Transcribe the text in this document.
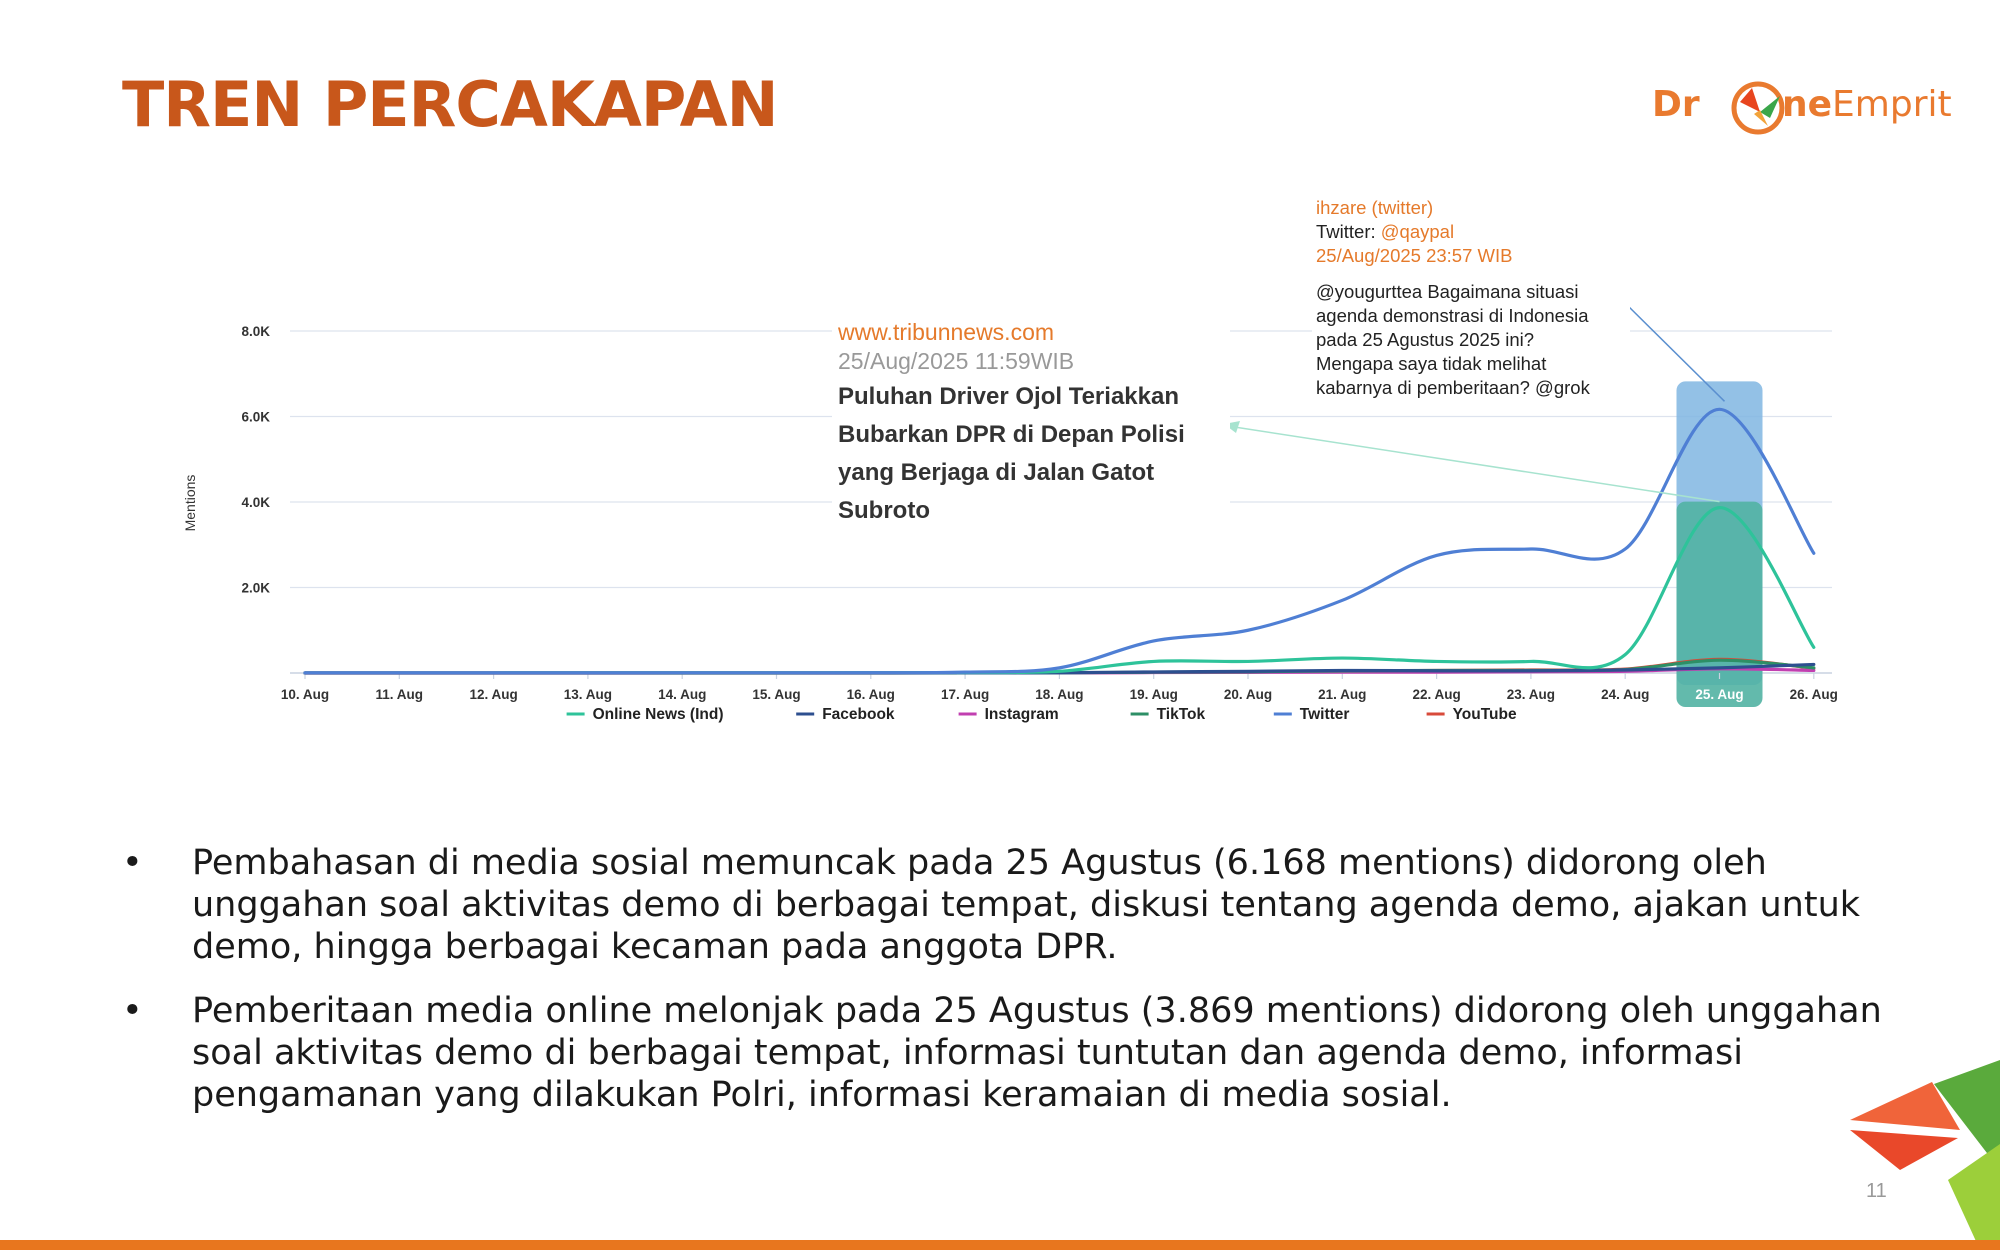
TREN PERCAKAPAN	Dr neEmprit
2.0K
4.0K
6.0K
8.0K
Mentions
10. Aug	11. Aug	12. Aug	13. Aug	14. Aug	15. Aug	16. Aug	17. Aug	18. Aug	19. Aug	20. Aug	21. Aug	22. Aug	23. Aug	24. Aug	25. Aug	26. Aug
Online News (Ind)	Facebook	Instagram	TikTok	Twitter	YouTube
www.tribunnews.com
25/Aug/2025 11:59WIB
Puluhan Driver Ojol Teriakkan
Bubarkan DPR di Depan Polisi
yang Berjaga di Jalan Gatot
Subroto
ihzare (twitter)
Twitter: @qaypal
25/Aug/2025 23:57 WIB
@yougurttea Bagaimana situasi
agenda demonstrasi di Indonesia
pada 25 Agustus 2025 ini?
Mengapa saya tidak melihat
kabarnya di pemberitaan? @grok
• Pembahasan di media sosial memuncak pada 25 Agustus (6.168 mentions) didorong oleh unggahan soal aktivitas demo di berbagai tempat, diskusi tentang agenda demo, ajakan untuk demo, hingga berbagai kecaman pada anggota DPR.
• Pemberitaan media online melonjak pada 25 Agustus (3.869 mentions) didorong oleh unggahan soal aktivitas demo di berbagai tempat, informasi tuntutan dan agenda demo, informasi pengamanan yang dilakukan Polri, informasi keramaian di media sosial.
11
